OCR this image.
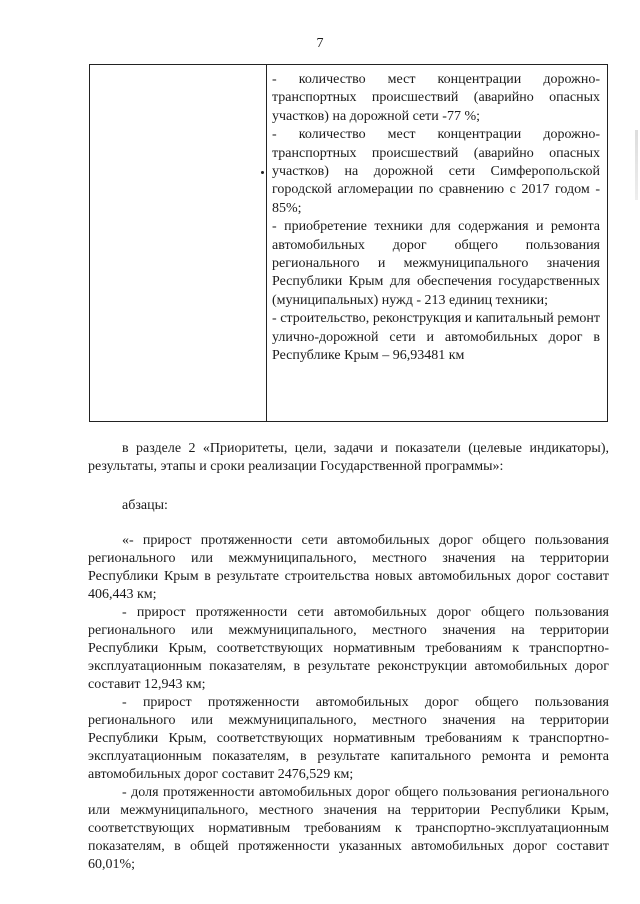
7

- количество мест концентрации дорожно-транспортных происшествий (аварийно опасных участков) на дорожной сети -77 %;

- количество мест концентрации дорожно-транспортных происшествий (аварийно опасных участков) на дорожной сети Симферопольской городской агломерации по сравнению с 2017 годом - 85%;

- приобретение техники для содержания и ремонта автомобильных дорог общего пользования регионального и межмуниципального значения Республики Крым для обеспечения государственных (муниципальных) нужд - 213 единиц техники;

- строительство, реконструкция и капитальный ремонт улично-дорожной сети и автомобильных дорог в Республике Крым – 96,93481 км

в разделе 2 «Приоритеты, цели, задачи и показатели (целевые индикаторы), результаты, этапы и сроки реализации Государственной программы»:

абзацы:

«- прирост протяженности сети автомобильных дорог общего пользования регионального или межмуниципального, местного значения на территории Республики Крым в результате строительства новых автомобильных дорог составит 406,443 км;

- прирост протяженности сети автомобильных дорог общего пользования регионального или межмуниципального, местного значения на территории Республики Крым, соответствующих нормативным требованиям к транспортно-эксплуатационным показателям, в результате реконструкции автомобильных дорог составит 12,943 км;

- прирост протяженности автомобильных дорог общего пользования регионального или межмуниципального, местного значения на территории Республики Крым, соответствующих нормативным требованиям к транспортно-эксплуатационным показателям, в результате капитального ремонта и ремонта автомобильных дорог составит 2476,529 км;

- доля протяженности автомобильных дорог общего пользования регионального или межмуниципального, местного значения на территории Республики Крым, соответствующих нормативным требованиям к транспортно-эксплуатационным показателям, в общей протяженности указанных автомобильных дорог составит 60,01%;
